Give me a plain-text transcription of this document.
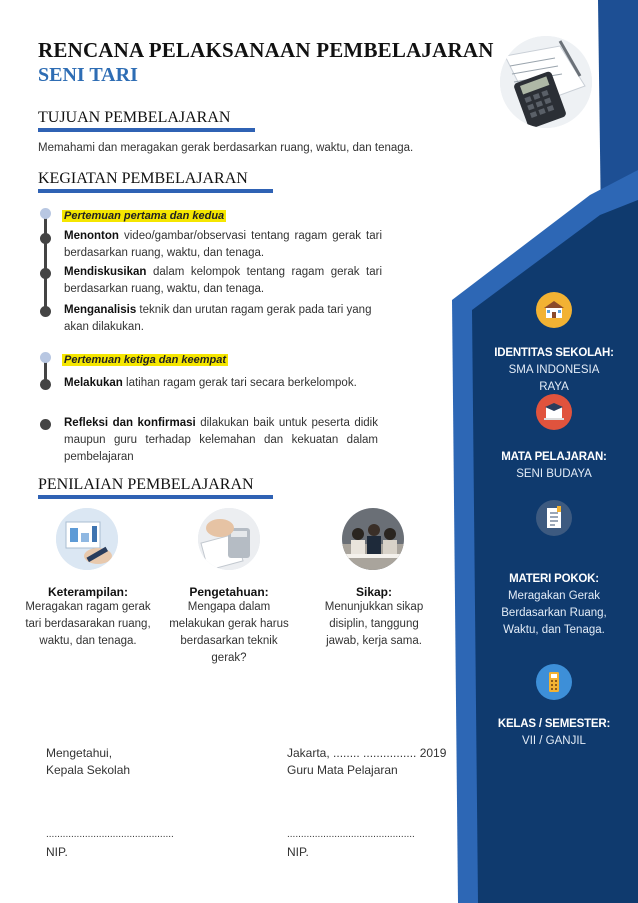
RENCANA PELAKSANAAN PEMBELAJARAN
SENI TARI
TUJUAN PEMBELAJARAN
Memahami dan meragakan gerak berdasarkan ruang, waktu, dan tenaga.
KEGIATAN PEMBELAJARAN
Pertemuan pertama dan kedua
Menonton video/gambar/observasi tentang ragam gerak tari berdasarkan ruang, waktu, dan tenaga.
Mendiskusikan dalam kelompok tentang ragam gerak tari berdasarkan ruang, waktu, dan tenaga.
Menganalisis teknik dan urutan ragam gerak pada tari yang akan dilakukan.
Pertemuan ketiga dan keempat
Melakukan latihan ragam gerak tari secara berkelompok.
Refleksi dan konfirmasi dilakukan baik untuk peserta didik maupun guru terhadap kelemahan dan kekuatan dalam pembelajaran
PENILAIAN PEMBELAJARAN
Keterampilan:
Meragakan ragam gerak tari berdasarakan ruang, waktu, dan tenaga.
Pengetahuan:
Mengapa dalam melakukan gerak harus berdasarkan teknik gerak?
Sikap:
Menunjukkan sikap disiplin, tanggung jawab, kerja sama.
Mengetahui,
Kepala Sekolah
..............................................
NIP.
Jakarta, ........ ................ 2019
Guru Mata Pelajaran
..............................................
NIP.
IDENTITAS SEKOLAH:
SMA INDONESIA RAYA
MATA PELAJARAN:
SENI BUDAYA
MATERI POKOK:
Meragakan Gerak Berdasarkan Ruang, Waktu, dan Tenaga.
KELAS / SEMESTER:
VII / GANJIL
